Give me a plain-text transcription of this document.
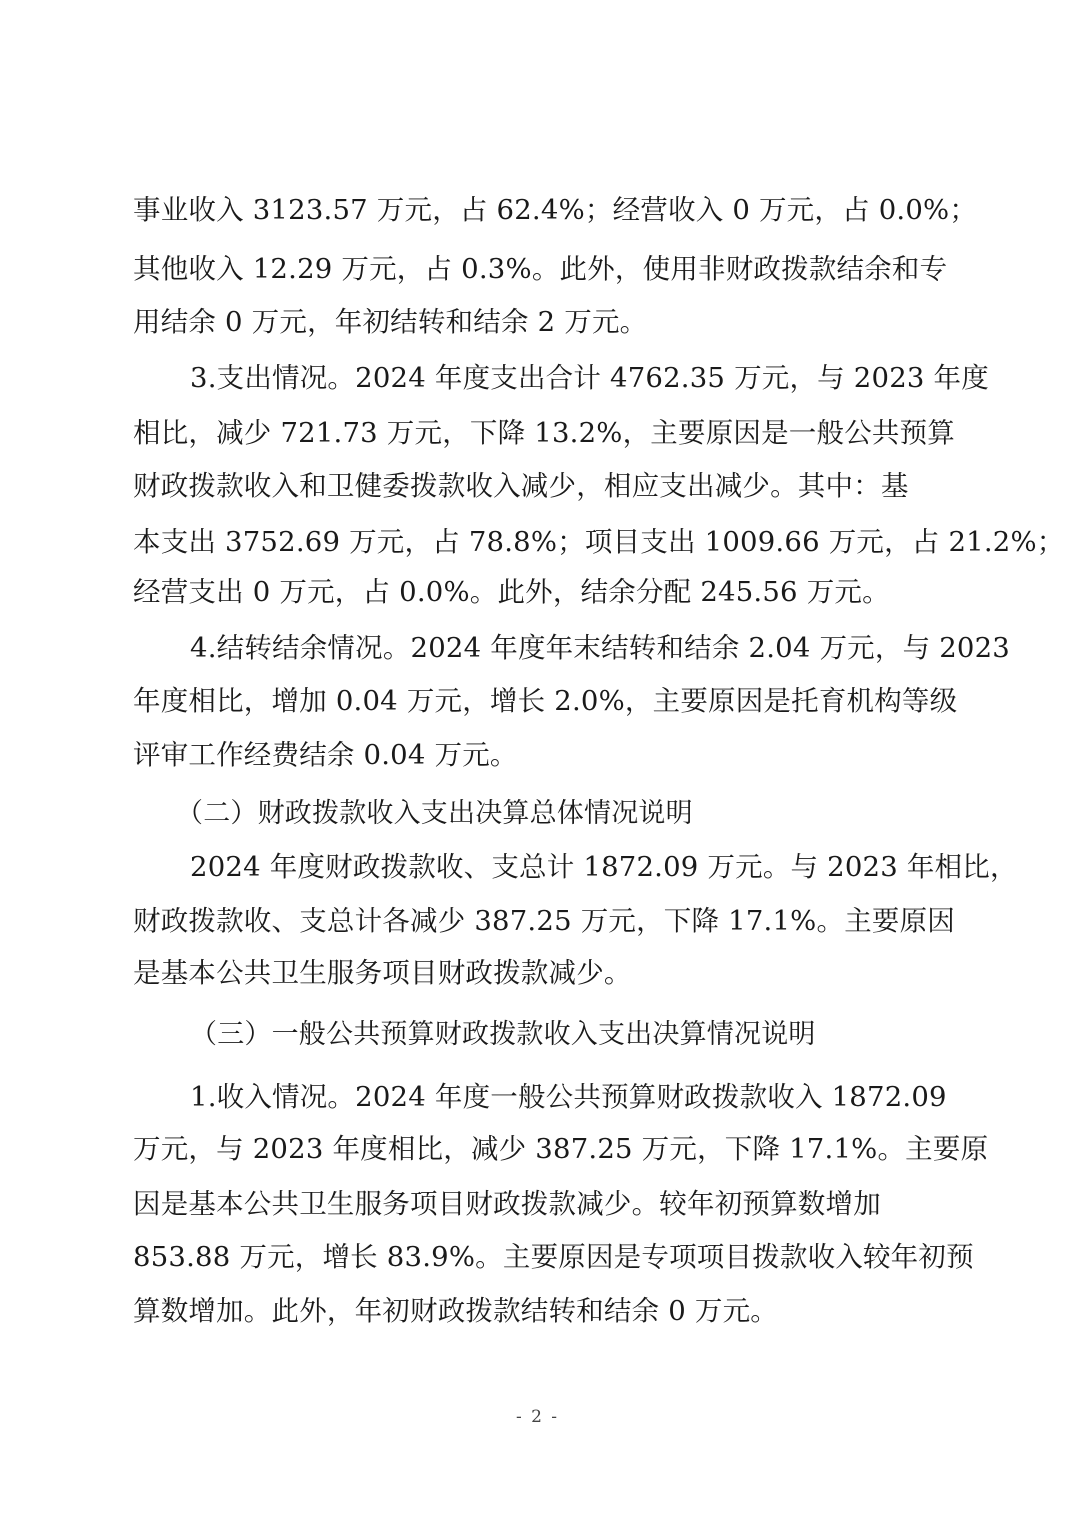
事业收入 3123.57 万元，占 62.4%；经营收入 0 万元，占 0.0%；
其他收入 12.29 万元，占 0.3%。此外，使用非财政拨款结余和专
用结余 0 万元，年初结转和结余 2 万元。
3.支出情况。2024 年度支出合计 4762.35 万元，与 2023 年度
相比，减少 721.73 万元，下降 13.2%，主要原因是一般公共预算
财政拨款收入和卫健委拨款收入减少，相应支出减少。其中：基
本支出 3752.69 万元，占 78.8%；项目支出 1009.66 万元，占 21.2%；
经营支出 0 万元，占 0.0%。此外，结余分配 245.56 万元。
4.结转结余情况。2024 年度年末结转和结余 2.04 万元，与 2023
年度相比，增加 0.04 万元，增长 2.0%，主要原因是托育机构等级
评审工作经费结余 0.04 万元。
（二）财政拨款收入支出决算总体情况说明
2024 年度财政拨款收、支总计 1872.09 万元。与 2023 年相比，
财政拨款收、支总计各减少 387.25 万元，下降 17.1%。主要原因
是基本公共卫生服务项目财政拨款减少。
（三）一般公共预算财政拨款收入支出决算情况说明
1.收入情况。2024 年度一般公共预算财政拨款收入 1872.09
万元，与 2023 年度相比，减少 387.25 万元，下降 17.1%。主要原
因是基本公共卫生服务项目财政拨款减少。较年初预算数增加
853.88 万元，增长 83.9%。主要原因是专项项目拨款收入较年初预
算数增加。此外，年初财政拨款结转和结余 0 万元。
- 2 -
